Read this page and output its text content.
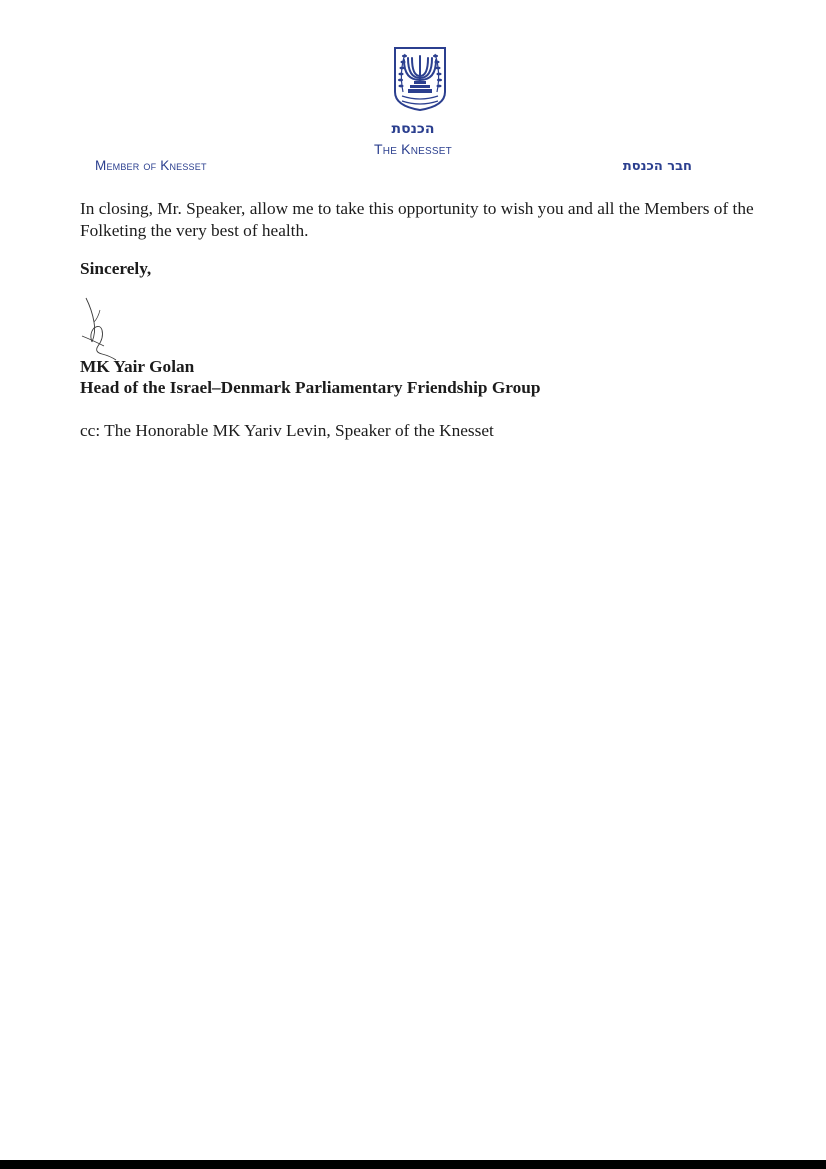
הכנסת
The Knesset
Member of Knesset	חבר הכנסת

In closing, Mr. Speaker, allow me to take this opportunity to wish you and all the Members of the Folketing the very best of health.

Sincerely,
MK Yair Golan
Head of the Israel–Denmark Parliamentary Friendship Group
cc: The Honorable MK Yariv Levin, Speaker of the Knesset
